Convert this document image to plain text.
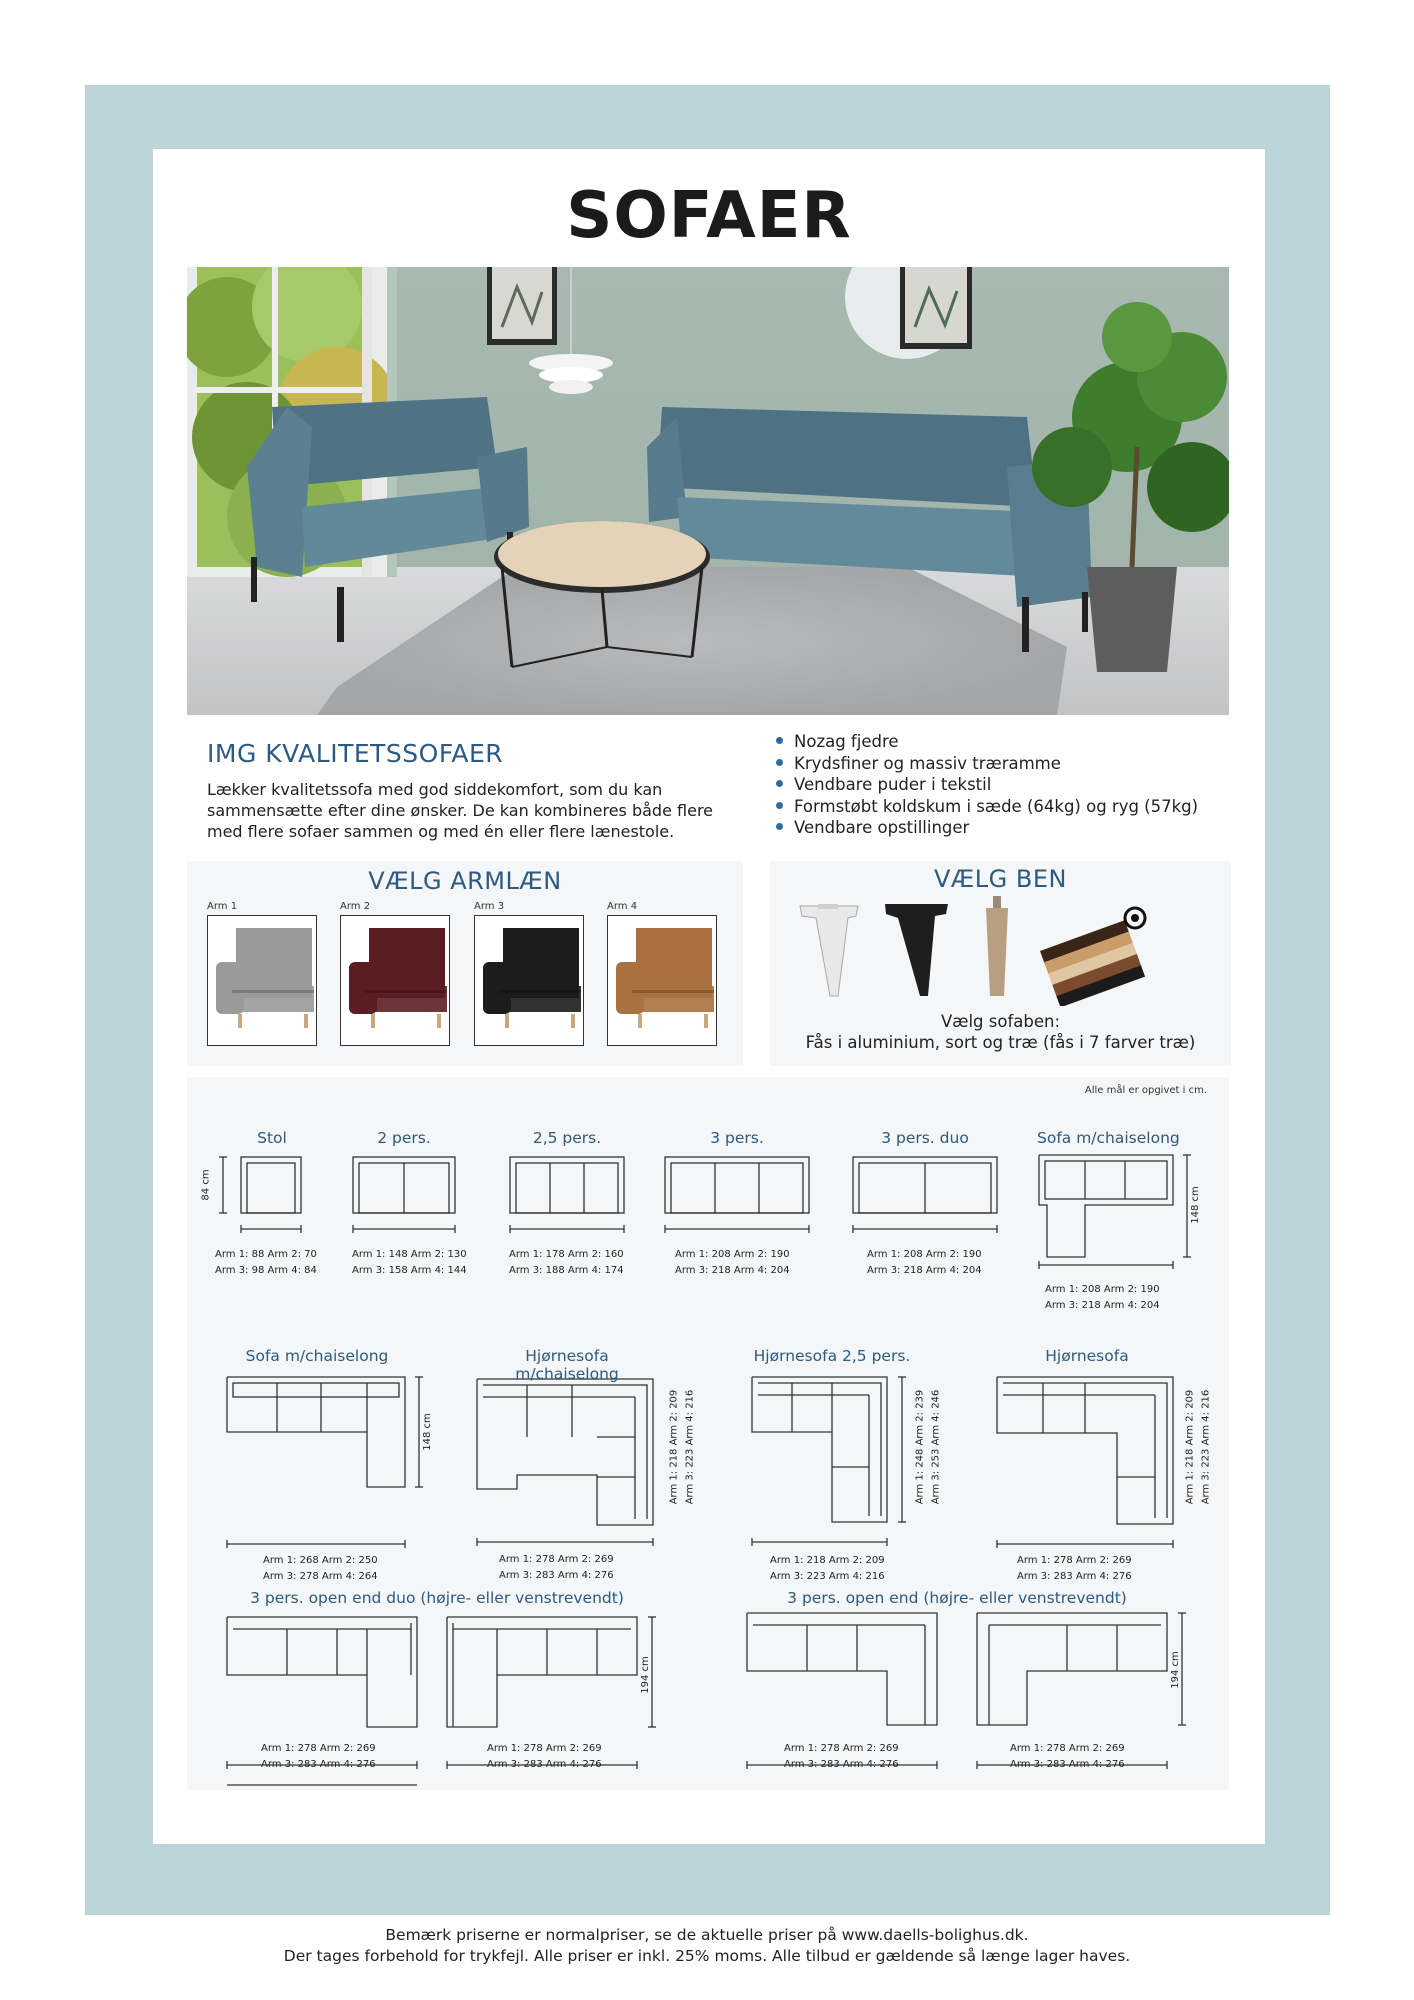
SOFAER
IMG KVALITETSSOFAER
Lækker kvalitetssofa med god siddekomfort, som du kan sammensætte efter dine ønsker. De kan kombineres både flere med flere sofaer sammen og med én eller flere lænestole.
Nozag fjedre
Krydsfiner og massiv træramme
Vendbare puder i tekstil
Formstøbt koldskum i sæde (64kg) og ryg (57kg)
Vendbare opstillinger
VÆLG ARMLÆN
Arm 1	Arm 2	Arm 3	Arm 4
VÆLG BEN
Vælg sofaben:
Fås i aluminium, sort og træ (fås i 7 farver træ)
Alle mål er opgivet i cm.
Stol	2 pers.	2,5 pers.	3 pers.	3 pers. duo	Sofa m/chaiselong
Arm 1: 88 Arm 2: 70
Arm 3: 98 Arm 4: 84
Arm 1: 148 Arm 2: 130
Arm 3: 158 Arm 4: 144
Arm 1: 178 Arm 2: 160
Arm 3: 188 Arm 4: 174
Arm 1: 208 Arm 2: 190
Arm 3: 218 Arm 4: 204
Arm 1: 208 Arm 2: 190
Arm 3: 218 Arm 4: 204
Arm 1: 208 Arm 2: 190
Arm 3: 218 Arm 4: 204
84 cm
148 cm
Sofa m/chaiselong	Hjørnesofa
m/chaiselong
Hjørnesofa 2,5 pers.	Hjørnesofa
Arm 1: 268 Arm 2: 250
Arm 3: 278 Arm 4: 264
Arm 1: 278 Arm 2: 269
Arm 3: 283 Arm 4: 276
Arm 1: 218 Arm 2: 209
Arm 3: 223 Arm 4: 216
Arm 1: 278 Arm 2: 269
Arm 3: 283 Arm 4: 276
148 cm	Arm 1: 218 Arm 2: 209 Arm 3: 223 Arm 4: 216	Arm 1: 248 Arm 2: 239 Arm 3: 253 Arm 4: 246	Arm 1: 218 Arm 2: 209 Arm 3: 223 Arm 4: 216
3 pers. open end duo (højre- eller venstrevendt)	3 pers. open end (højre- eller venstrevendt)
194 cm	194 cm
Arm 1: 278 Arm 2: 269
Arm 3: 283 Arm 4: 276
Arm 1: 278 Arm 2: 269
Arm 3: 283 Arm 4: 276
Arm 1: 278 Arm 2: 269
Arm 3: 283 Arm 4: 276
Arm 1: 278 Arm 2: 269
Arm 3: 283 Arm 4: 276
Bemærk priserne er normalpriser, se de aktuelle priser på www.daells-bolighus.dk.
Der tages forbehold for trykfejl. Alle priser er inkl. 25% moms. Alle tilbud er gældende så længe lager haves.
